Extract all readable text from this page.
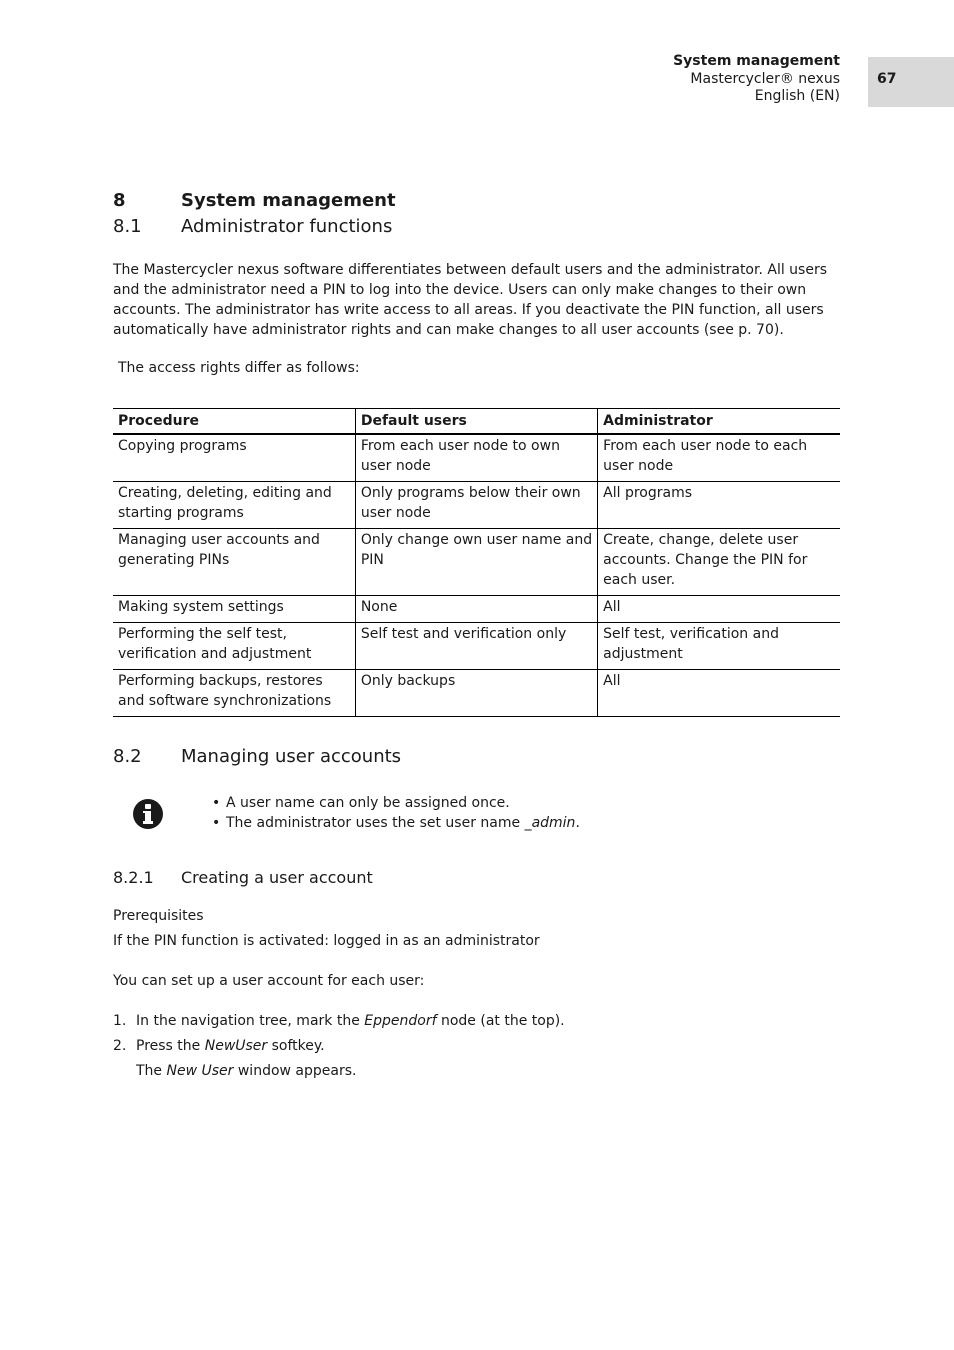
System management
Mastercycler® nexus
English (EN)
67
8	System management
8.1 Administrator functions
The Mastercycler nexus software differentiates between default users and the administrator. All users and the administrator need a PIN to log into the device. Users can only make changes to their own accounts. The administrator has write access to all areas. If you deactivate the PIN function, all users automatically have administrator rights and can make changes to all user accounts (see p. 70).
The access rights differ as follows:
Procedure	Default users	Administrator
Copying programs	From each user node to own user node	From each user node to each user node
Creating, deleting, editing and starting programs	Only programs below their own user node	All programs
Managing user accounts and generating PINs	Only change own user name and PIN	Create, change, delete user accounts. Change the PIN for each user.
Making system settings	None	All
Performing the self test, verification and adjustment	Self test and verification only	Self test, verification and adjustment
Performing backups, restores and software synchronizations	Only backups	All
8.2 Managing user accounts
• A user name can only be assigned once.
• The administrator uses the set user name _admin.
8.2.1 Creating a user account
Prerequisites
If the PIN function is activated: logged in as an administrator
You can set up a user account for each user:
1. In the navigation tree, mark the Eppendorf node (at the top).
2. Press the NewUser softkey.
The New User window appears.
